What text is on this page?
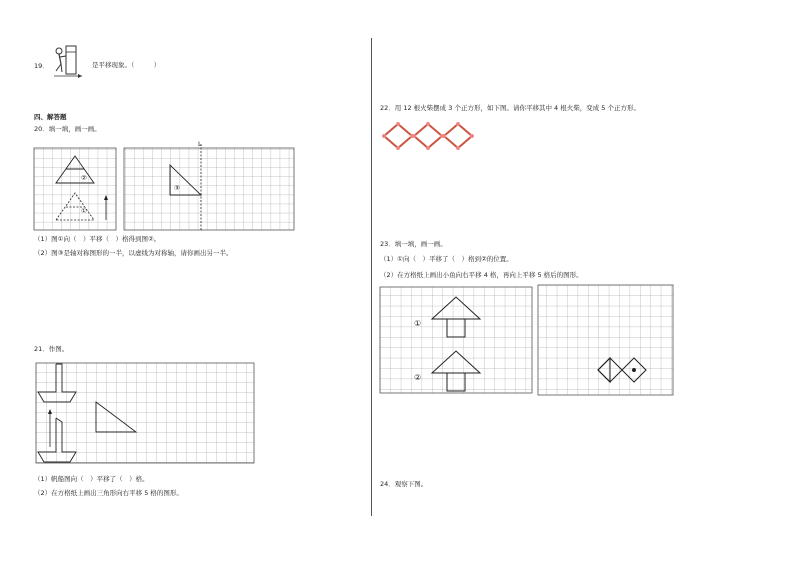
19．	是平移现象。（　　　）
四、解答题
20．填一填，画一画。
L
②
①
③
（1）图①向（　）平移（　）格得到图②。
（2）图③是轴对称图形的一半，以虚线为对称轴，请你画出另一半。
21．作图。
（1）帆船图向（　）平移了（　）格。
（2）在方格纸上画出三角形向右平移 5 格的图形。
22．用 12 根火柴摆成 3 个正方形，如下图。请你平移其中 4 根火柴，变成 5 个正方形。
23．填一填，画一画。
（1）①向（　）平移了（　）格到②的位置。
（2）在方格纸上画出小鱼向右平移 4 格，再向上平移 5 格后的图形。
①
②
24．观察下图。
